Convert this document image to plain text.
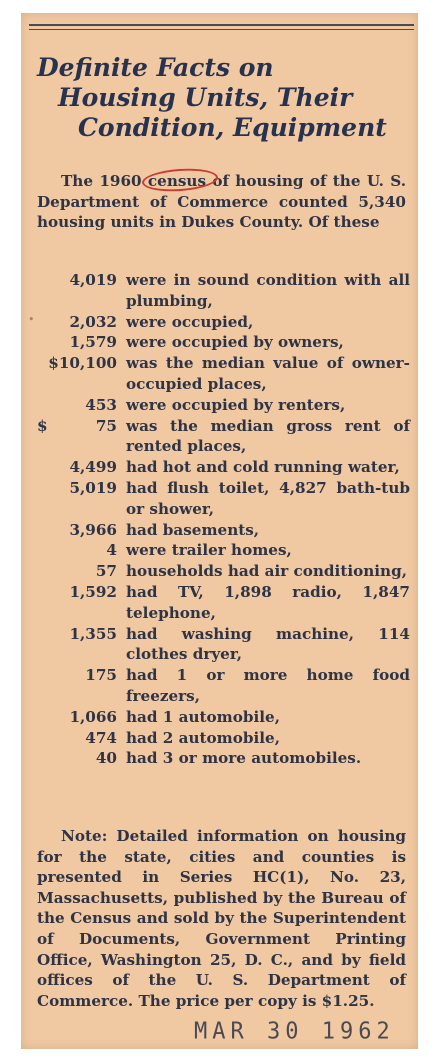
Definite Facts on
Housing Units, Their
Condition, Equipment

The 1960 census of housing of the U. S. Department of Commerce counted 5,340 housing units in Dukes County. Of these

•
4,019 were in sound condition with all plumbing,
2,032 were occupied,
1,579 were occupied by owners,
$10,100 was the median value of owner-occupied places,
453 were occupied by renters,
$	75 was the median gross rent of rented places,
4,499 had hot and cold running water,
5,019 had flush toilet, 4,827 bath-tub or shower,
3,966 had basements,
4 were trailer homes,
57 households had air conditioning,
1,592 had TV, 1,898 radio, 1,847 telephone,
1,355 had washing machine, 114 clothes dryer,
175 had 1 or more home food freezers,
1,066 had 1 automobile,
474 had 2 automobile,
40 had 3 or more automobiles.

Note: Detailed information on housing for the state, cities and counties is presented in Series HC(1), No. 23, Massachusetts, published by the Bureau of the Census and sold by the Superintendent of Documents, Government Printing Office, Washington 25, D. C., and by field offices of the U. S. Department of Commerce. The price per copy is $1.25.

MAR 30 1962
